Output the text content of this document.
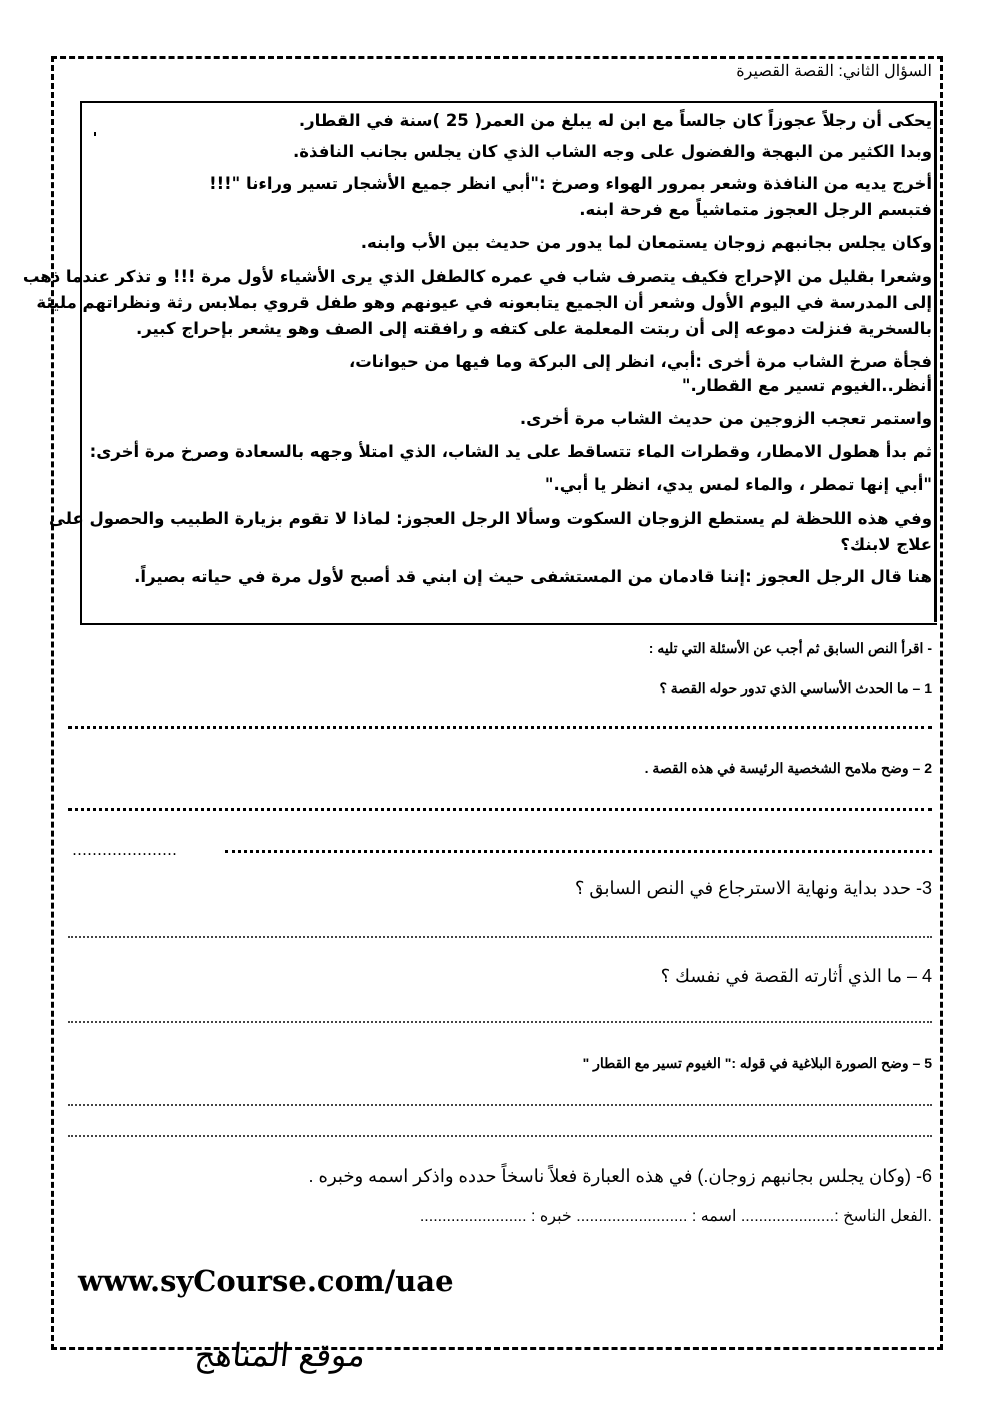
السؤال الثاني: القصة القصيرة
يحكى أن رجلاً عجوزاً كان جالساً مع ابن له يبلغ من العمر( 25 )سنة في القطار.
وبدا الكثير من البهجة والفضول على وجه الشاب الذي كان يجلس بجانب النافذة.
أخرج يديه من النافذة وشعر بمرور الهواء وصرخ :"أبي انظر جميع الأشجار تسير وراءنا "!!!
فتبسم الرجل العجوز متماشياً مع فرحة ابنه.
وكان يجلس بجانبهم زوجان يستمعان لما يدور من حديث بين الأب وابنه.
وشعرا بقليل من الإحراج فكيف يتصرف شاب في عمره كالطفل الذي يرى الأشياء لأول مرة !!! و تذكر عندما ذهب
إلى المدرسة في اليوم الأول وشعر أن الجميع يتابعونه في عيونهم وهو طفل قروي بملابس رثة ونظراتهم مليئة
بالسخرية فنزلت دموعه إلى أن ربتت المعلمة على كتفه و رافقته إلى الصف وهو يشعر بإحراج كبير.
فجأة صرخ الشاب مرة أخرى :أبي، انظر إلى البركة وما فيها من حيوانات،
أنظر..الغيوم تسير مع القطار."
واستمر تعجب الزوجين من حديث الشاب مرة أخرى.
ثم بدأ هطول الامطار، وقطرات الماء تتساقط على يد الشاب، الذي امتلأ وجهه بالسعادة وصرخ مرة أخرى:
"أبي إنها تمطر ، والماء لمس يدي، انظر يا أبي."
وفي هذه اللحظة لم يستطع الزوجان السكوت وسألا الرجل العجوز: لماذا لا تقوم بزيارة الطبيب والحصول على
علاج لابنك؟
هنا قال الرجل العجوز :إننا قادمان من المستشفى حيث إن ابني قد أصبح لأول مرة في حياته بصيراً.
- اقرأ النص السابق ثم أجب عن الأسئلة التي تليه :
1 – ما الحدث الأساسي الذي تدور حوله القصة ؟
2 – وضح ملامح الشخصية الرئيسة في هذه القصة .
…………………
3- حدد بداية ونهاية الاسترجاع في النص السابق ؟
4 – ما الذي أثارته القصة في نفسك ؟
5 – وضح الصورة البلاغية في قوله :" الغيوم تسير مع القطار "
6- (وكان يجلس بجانبهم زوجان.) في هذه العبارة فعلاً ناسخاً حدده واذكر اسمه وخبره .
.الفعل الناسخ :..................... اسمه : ......................... خبره : ........................
www.syCourse.com/uae
موقع المناهج
